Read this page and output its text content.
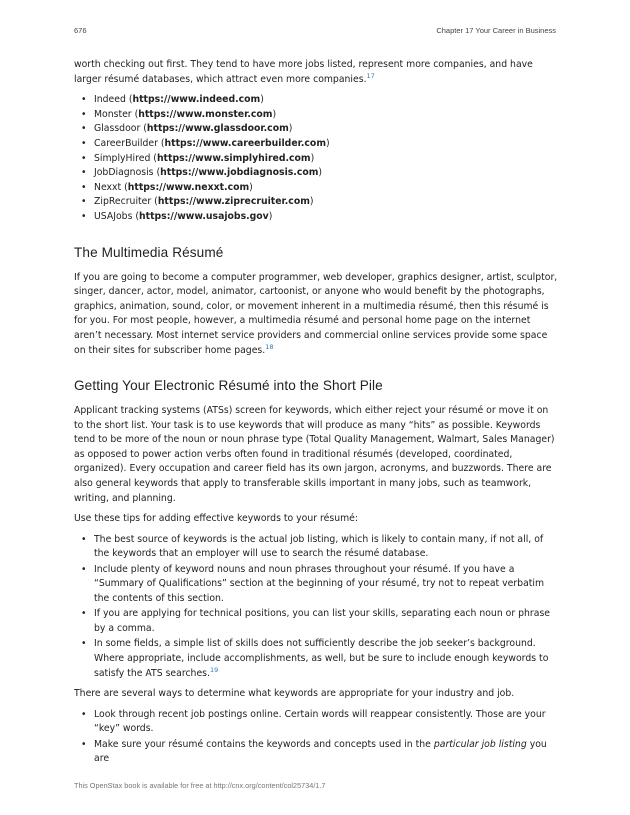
676	Chapter 17 Your Career in Business

worth checking out first. They tend to have more jobs listed, represent more companies, and have larger résumé databases, which attract even more companies.$^{17}$

• Indeed (https://www.indeed.com)
• Monster (https://www.monster.com)
• Glassdoor (https://www.glassdoor.com)
• CareerBuilder (https://www.careerbuilder.com)
• SimplyHired (https://www.simplyhired.com)
• JobDiagnosis (https://www.jobdiagnosis.com)
• Nexxt (https://www.nexxt.com)
• ZipRecruiter (https://www.ziprecruiter.com)
• USAJobs (https://www.usajobs.gov)
The Multimedia Résumé

If you are going to become a computer programmer, web developer, graphics designer, artist, sculptor, singer, dancer, actor, model, animator, cartoonist, or anyone who would benefit by the photographs, graphics, animation, sound, color, or movement inherent in a multimedia résumé, then this résumé is for you. For most people, however, a multimedia résumé and personal home page on the internet aren’t necessary. Most internet service providers and commercial online services provide some space on their sites for subscriber home pages.$^{18}$

Getting Your Electronic Résumé into the Short Pile

Applicant tracking systems (ATSs) screen for keywords, which either reject your résumé or move it on to the short list. Your task is to use keywords that will produce as many “hits” as possible. Keywords tend to be more of the noun or noun phrase type (Total Quality Management, Walmart, Sales Manager) as opposed to power action verbs often found in traditional résumés (developed, coordinated, organized). Every occupation and career field has its own jargon, acronyms, and buzzwords. There are also general keywords that apply to transferable skills important in many jobs, such as teamwork, writing, and planning.

Use these tips for adding effective keywords to your résumé:

• The best source of keywords is the actual job listing, which is likely to contain many, if not all, of the keywords that an employer will use to search the résumé database.
• Include plenty of keyword nouns and noun phrases throughout your résumé. If you have a “Summary of Qualifications” section at the beginning of your résumé, try not to repeat verbatim the contents of this section.
• If you are applying for technical positions, you can list your skills, separating each noun or phrase by a comma.
• In some fields, a simple list of skills does not sufficiently describe the job seeker’s background. Where appropriate, include accomplishments, as well, but be sure to include enough keywords to satisfy the ATS searches.$^{19}$

There are several ways to determine what keywords are appropriate for your industry and job.

• Look through recent job postings online. Certain words will reappear consistently. Those are your “key” words.
• Make sure your résumé contains the keywords and concepts used in the particular job listing you are
This OpenStax book is available for free at http://cnx.org/content/col25734/1.7
